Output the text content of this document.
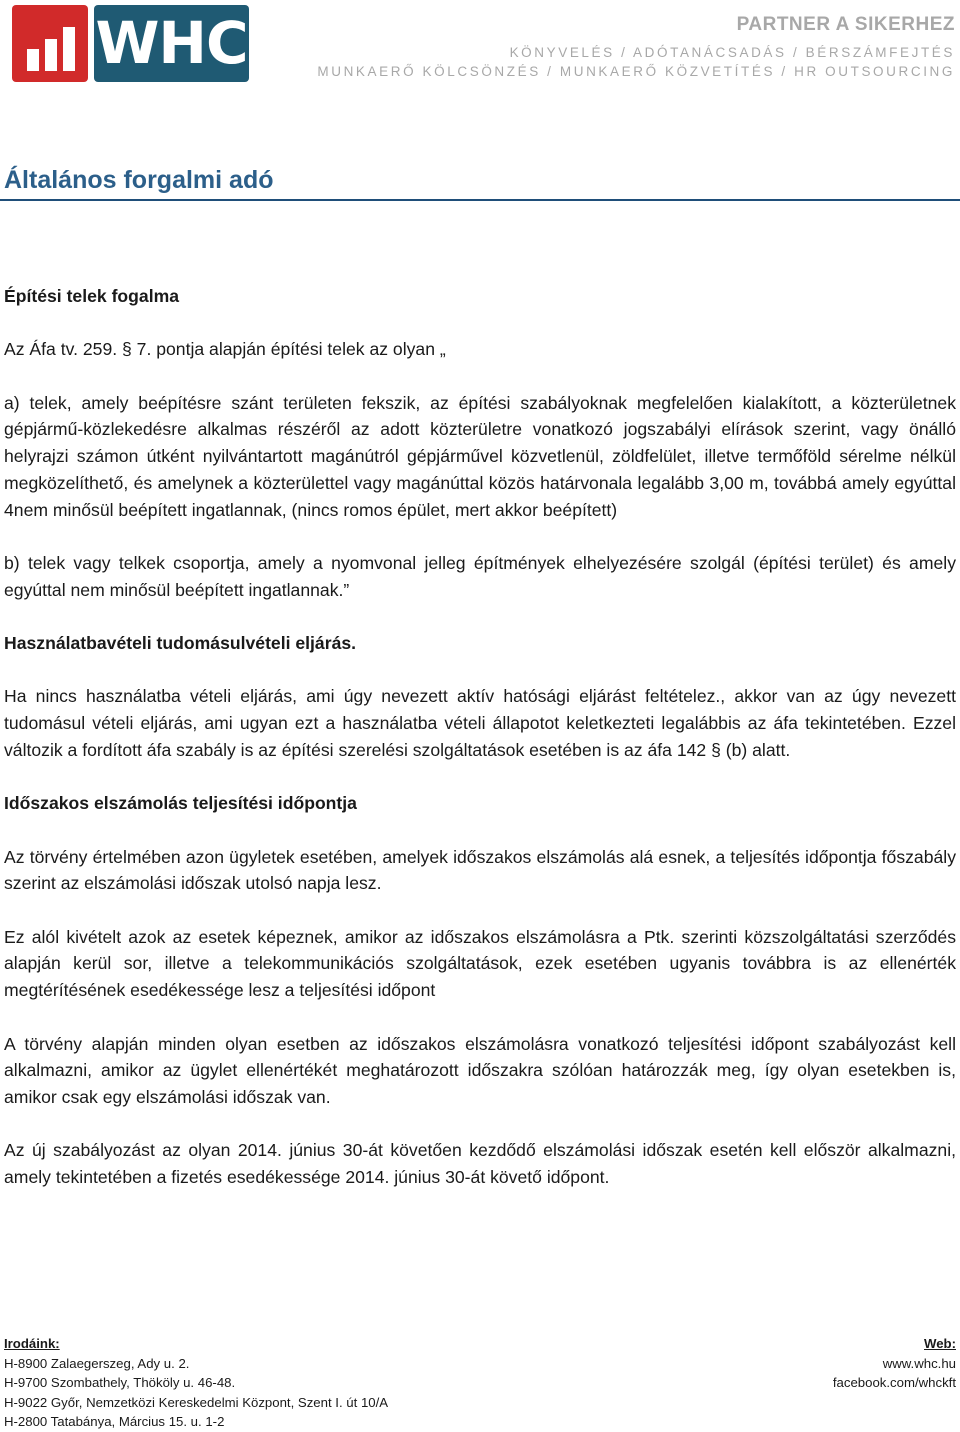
WHC	PARTNER A SIKERHEZ
KÖNYVELÉS / ADÓTANÁCSADÁS / BÉRSZÁMFEJTÉS
MUNKAERŐ KÖLCSÖNZÉS / MUNKAERŐ KÖZVETÍTÉS / HR OUTSOURCING
Általános forgalmi adó
Építési telek fogalma

Az Áfa tv. 259. § 7. pontja alapján építési telek az olyan „

a) telek, amely beépítésre szánt területen fekszik, az építési szabályoknak megfelelően kialakított, a közterületnek gépjármű-közlekedésre alkalmas részéről az adott közterületre vonatkozó jogszabályi elírások szerint, vagy önálló helyrajzi számon útként nyilvántartott magánútról gépjárművel közvetlenül, zöldfelület, illetve termőföld sérelme nélkül megközelíthető, és amelynek a közterülettel vagy magánúttal közös határvonala legalább 3,00 m, továbbá amely egyúttal 4nem minősül beépített ingatlannak, (nincs romos épület, mert akkor beépített)

b) telek vagy telkek csoportja, amely a nyomvonal jelleg építmények elhelyezésére szolgál (építési terület) és amely egyúttal nem minősül beépített ingatlannak.”

Használatbavételi tudomásulvételi eljárás.

Ha nincs használatba vételi eljárás, ami úgy nevezett aktív hatósági eljárást feltételez., akkor van az úgy nevezett tudomásul vételi eljárás, ami ugyan ezt a használatba vételi állapotot keletkezteti legalábbis az áfa tekintetében. Ezzel változik a fordított áfa szabály is az építési szerelési szolgáltatások esetében is az áfa 142 § (b) alatt.

Időszakos elszámolás teljesítési időpontja

Az törvény értelmében azon ügyletek esetében, amelyek időszakos elszámolás alá esnek, a teljesítés időpontja főszabály szerint az elszámolási időszak utolsó napja lesz.

Ez alól kivételt azok az esetek képeznek, amikor az időszakos elszámolásra a Ptk. szerinti közszolgáltatási szerződés alapján kerül sor, illetve a telekommunikációs szolgáltatások, ezek esetében ugyanis továbbra is az ellenérték megtérítésének esedékessége lesz a teljesítési időpont

A törvény alapján minden olyan esetben az időszakos elszámolásra vonatkozó teljesítési időpont szabályozást kell alkalmazni, amikor az ügylet ellenértékét meghatározott időszakra szólóan határozzák meg, így olyan esetekben is, amikor csak egy elszámolási időszak van.

Az új szabályozást az olyan 2014. június 30-át követően kezdődő elszámolási időszak esetén kell először alkalmazni, amely tekintetében a fizetés esedékessége 2014. június 30-át követő időpont.

Irodáink:
H-8900 Zalaegerszeg, Ady u. 2.
H-9700 Szombathely, Thököly u. 46-48.
H-9022 Győr, Nemzetközi Kereskedelmi Központ, Szent I. út 10/A
H-2800 Tatabánya, Március 15. u. 1-2
Web:
www.whc.hu
facebook.com/whckft
